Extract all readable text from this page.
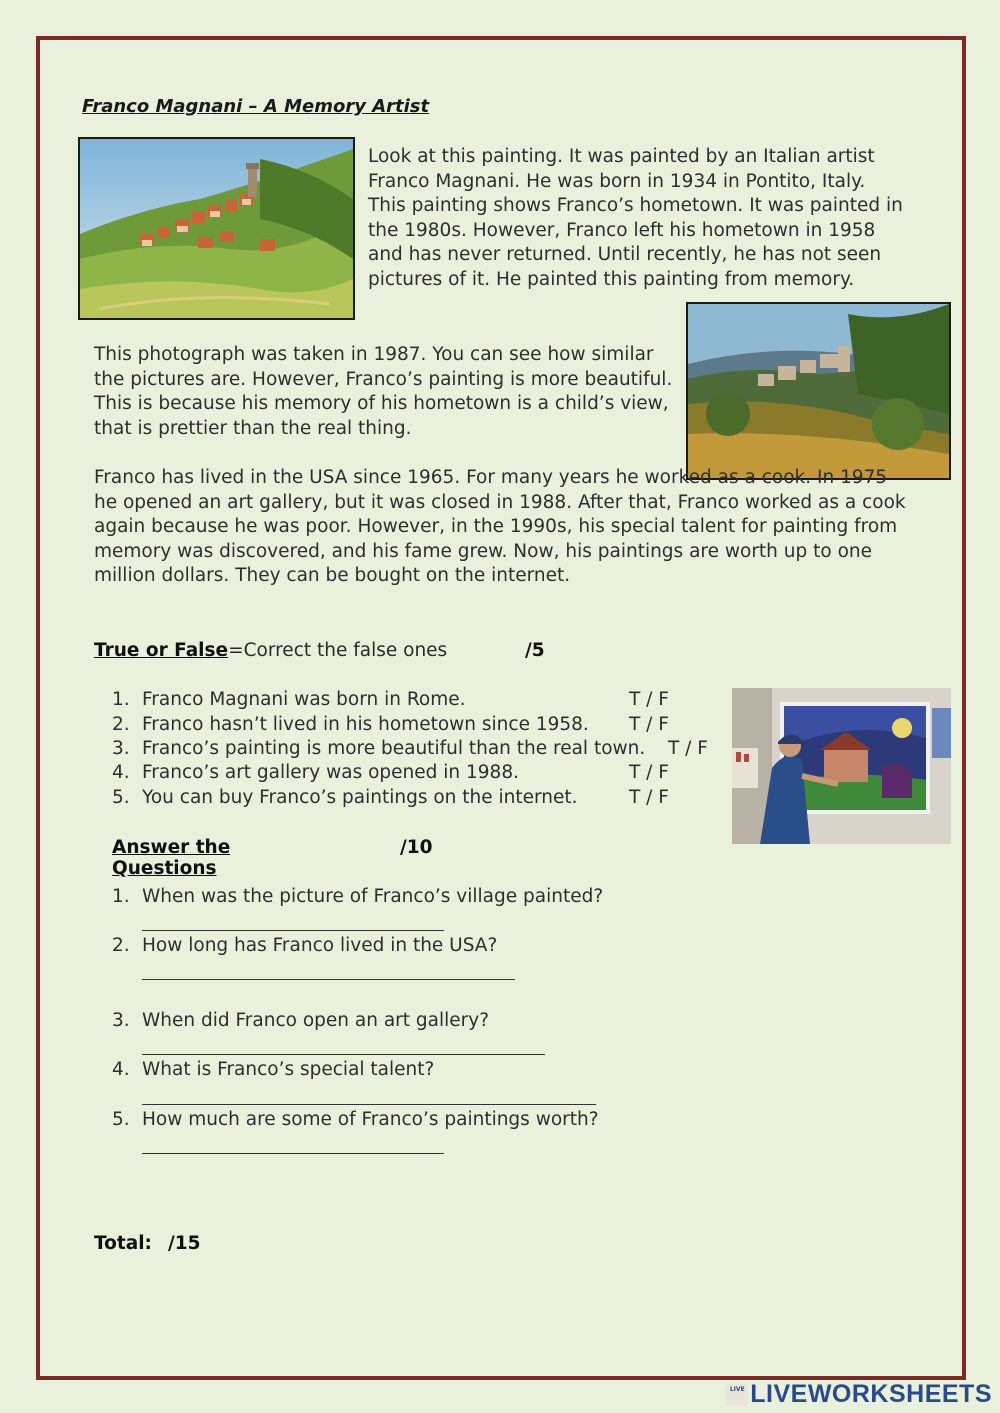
Franco Magnani – A Memory Artist
Look at this painting. It was painted by an Italian artist Franco Magnani. He was born in 1934 in Pontito, Italy. This painting shows Franco’s hometown. It was painted in the 1980s. However, Franco left his hometown in 1958 and has never returned. Until recently, he has not seen pictures of it. He painted this painting from memory.
This photograph was taken in 1987. You can see how similar the pictures are. However, Franco’s painting is more beautiful. This is because his memory of his hometown is a child’s view, that is prettier than the real thing.
Franco has lived in the USA since 1965. For many years he worked as a cook. In 1975 he opened an art gallery, but it was closed in 1988. After that, Franco worked as a cook again because he was poor. However, in the 1990s, his special talent for painting from memory was discovered, and his fame grew. Now, his paintings are worth up to one million dollars. They can be bought on the internet.
True or False=Correct the false ones	/5
1. Franco Magnani was born in Rome.	T / F
2. Franco hasn’t lived in his hometown since 1958. T / F
3. Franco’s painting is more beautiful than the real town. T / F
4. Franco’s art gallery was opened in 1988.	T / F
5. You can buy Franco’s paintings on the internet.	T / F
Answer the Questions
/10
1. When was the picture of Franco’s village painted?
2. How long has Franco lived in the USA?
3. When did Franco open an art gallery?
4. What is Franco’s special talent?
5. How much are some of Franco’s paintings worth?
Total: /15
LIVE LIVEWORKSHEETS
